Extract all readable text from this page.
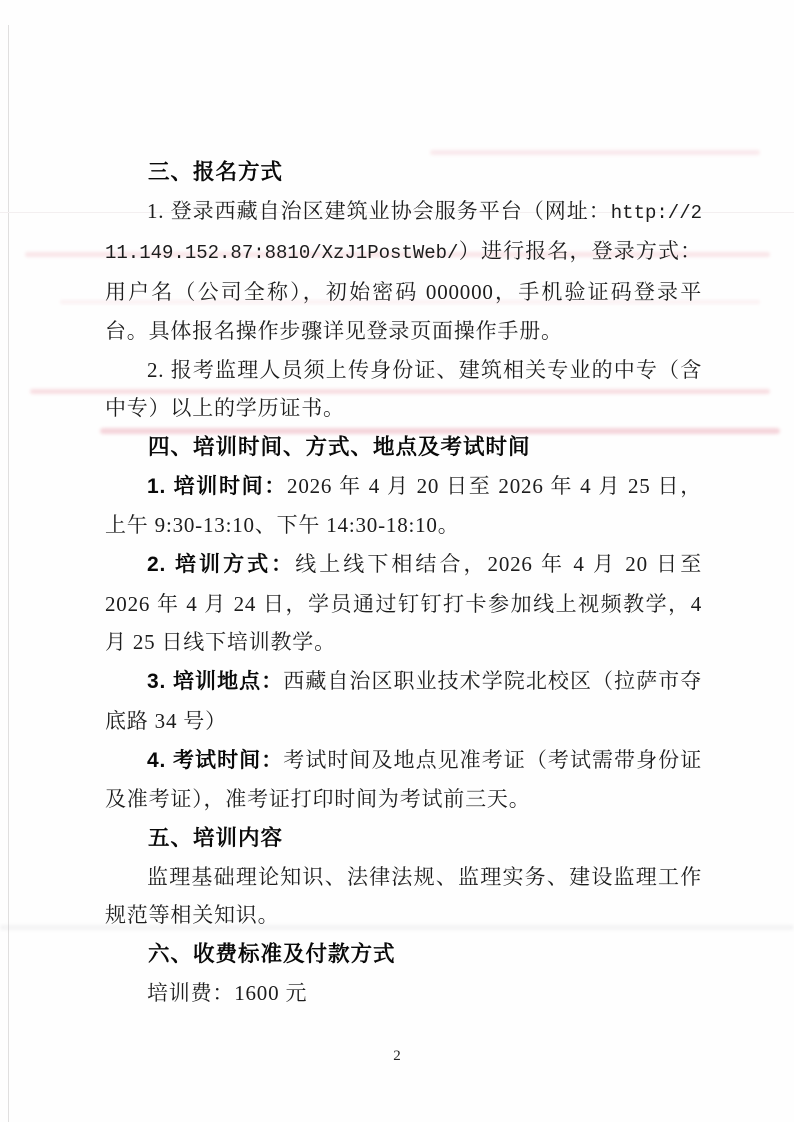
三、报名方式

1. 登录西藏自治区建筑业协会服务平台（网址：http://211.149.152.87:8810/XzJ1PostWeb/）进行报名，登录方式：用户名（公司全称），初始密码 000000，手机验证码登录平台。具体报名操作步骤详见登录页面操作手册。

2. 报考监理人员须上传身份证、建筑相关专业的中专（含中专）以上的学历证书。

四、培训时间、方式、地点及考试时间

1. 培训时间：2026 年 4 月 20 日至 2026 年 4 月 25 日，上午 9:30-13:10、下午 14:30-18:10。

2. 培训方式：线上线下相结合，2026 年 4 月 20 日至 2026 年 4 月 24 日，学员通过钉钉打卡参加线上视频教学，4 月 25 日线下培训教学。

3. 培训地点：西藏自治区职业技术学院北校区（拉萨市夺底路 34 号）

4. 考试时间：考试时间及地点见准考证（考试需带身份证及准考证），准考证打印时间为考试前三天。

五、培训内容

监理基础理论知识、法律法规、监理实务、建设监理工作规范等相关知识。

六、收费标准及付款方式

培训费：1600 元

2
